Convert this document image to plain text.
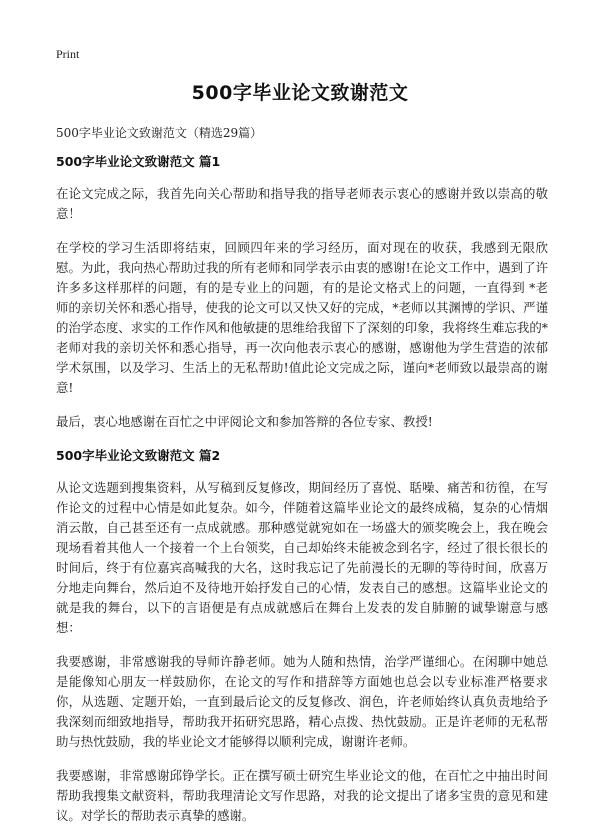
Print
500字毕业论文致谢范文
500字毕业论文致谢范文（精选29篇）
500字毕业论文致谢范文 篇1

在论文完成之际，我首先向关心帮助和指导我的指导老师表示衷心的感谢并致以崇高的敬意！

在学校的学习生活即将结束，回顾四年来的学习经历，面对现在的收获，我感到无限欣慰。为此，我向热心帮助过我的所有老师和同学表示由衷的感谢!在论文工作中，遇到了许许多多这样那样的问题，有的是专业上的问题，有的是论文格式上的问题，一直得到 *老师的亲切关怀和悉心指导，使我的论文可以又快又好的完成，*老师以其渊博的学识、严谨的治学态度、求实的工作作风和他敏捷的思维给我留下了深刻的印象，我将终生难忘我的*老师对我的亲切关怀和悉心指导，再一次向他表示衷心的感谢，感谢他为学生营造的浓郁学术氛围，以及学习、生活上的无私帮助!值此论文完成之际，谨向*老师致以最崇高的谢意!

最后，衷心地感谢在百忙之中评阅论文和参加答辩的各位专家、教授!

500字毕业论文致谢范文 篇2

从论文选题到搜集资料，从写稿到反复修改，期间经历了喜悦、聒噪、痛苦和彷徨，在写作论文的过程中心情是如此复杂。如今，伴随着这篇毕业论文的最终成稿，复杂的心情烟消云散，自己甚至还有一点成就感。那种感觉就宛如在一场盛大的颁奖晚会上，我在晚会现场看着其他人一个接着一个上台领奖，自己却始终未能被念到名字，经过了很长很长的时间后，终于有位嘉宾高喊我的大名，这时我忘记了先前漫长的无聊的等待时间，欣喜万分地走向舞台，然后迫不及待地开始抒发自己的心情，发表自己的感想。这篇毕业论文的就是我的舞台，以下的言语便是有点成就感后在舞台上发表的发自肺腑的诚挚谢意与感想：

我要感谢，非常感谢我的导师许静老师。她为人随和热情，治学严谨细心。在闲聊中她总是能像知心朋友一样鼓励你，在论文的写作和措辞等方面她也总会以专业标准严格要求你，从选题、定题开始，一直到最后论文的反复修改、润色，许老师始终认真负责地给予我深刻而细致地指导，帮助我开拓研究思路，精心点拨、热忱鼓励。正是许老师的无私帮助与热忱鼓励，我的毕业论文才能够得以顺利完成，谢谢许老师。

我要感谢，非常感谢邱铮学长。正在撰写硕士研究生毕业论文的他，在百忙之中抽出时间帮助我搜集文献资料，帮助我理清论文写作思路，对我的论文提出了诸多宝贵的意见和建议。对学长的帮助表示真挚的感谢。
